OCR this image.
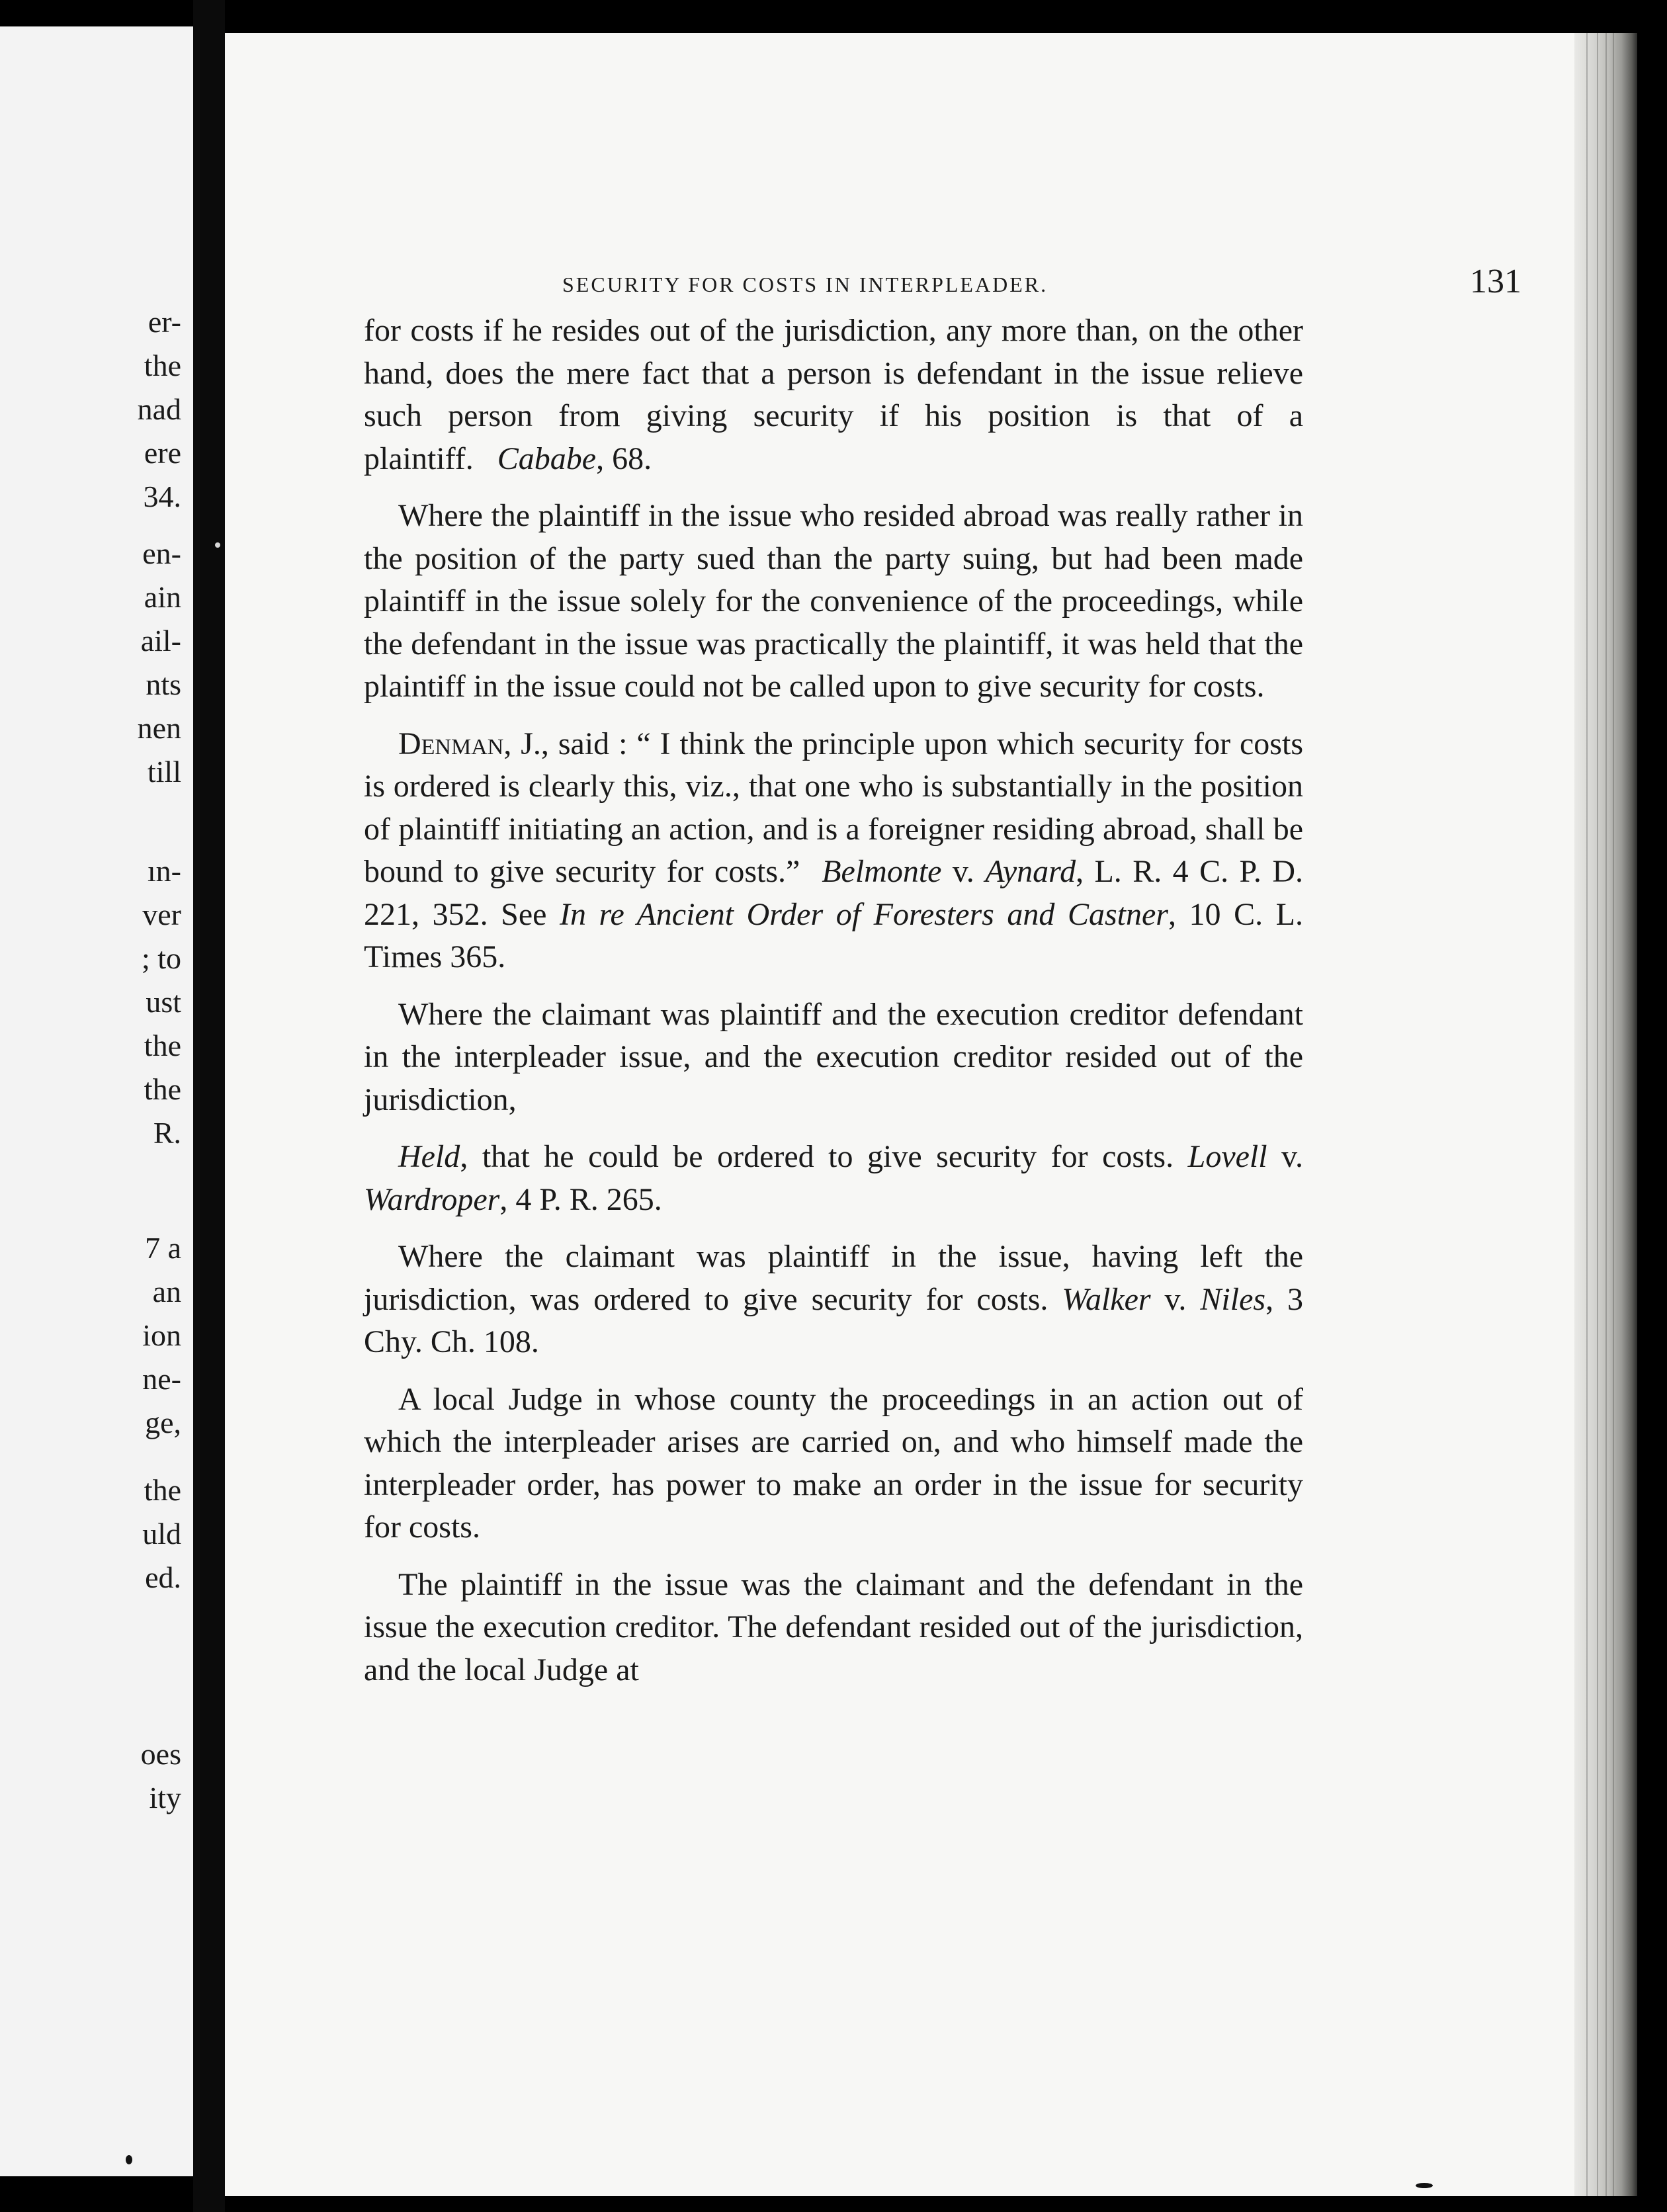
er-
the
nad
ere
34.
en-
ain
ail-
nts
nen
till
ın-
ver
; to
ust
the
the
R.
7 a
an
ion
ne-
ge,
the
uld
ed.
oes
ity
SECURITY FOR COSTS IN INTERPLEADER.	131

for costs if he resides out of the jurisdiction, any more than, on the other hand, does the mere fact that a person is defendant in the issue relieve such person from giving security if his position is that of a plaintiff. Cababe, 68.

Where the plaintiff in the issue who resided abroad was really rather in the position of the party sued than the party suing, but had been made plaintiff in the issue solely for the convenience of the proceedings, while the defendant in the issue was practically the plaintiff, it was held that the plaintiff in the issue could not be called upon to give security for costs.

Denman, J., said : “ I think the principle upon which security for costs is ordered is clearly this, viz., that one who is substantially in the position of plaintiff initiating an action, and is a foreigner residing abroad, shall be bound to give security for costs.” Belmonte v. Aynard, L. R. 4 C. P. D. 221, 352. See In re Ancient Order of Foresters and Castner, 10 C. L. Times 365.

Where the claimant was plaintiff and the execution creditor defendant in the interpleader issue, and the execution creditor resided out of the jurisdiction,

Held, that he could be ordered to give security for costs. Lovell v. Wardroper, 4 P. R. 265.

Where the claimant was plaintiff in the issue, having left the jurisdiction, was ordered to give security for costs. Walker v. Niles, 3 Chy. Ch. 108.

A local Judge in whose county the proceedings in an action out of which the interpleader arises are carried on, and who himself made the interpleader order, has power to make an order in the issue for security for costs.

The plaintiff in the issue was the claimant and the defendant in the issue the execution creditor. The defendant resided out of the jurisdiction, and the local Judge at
